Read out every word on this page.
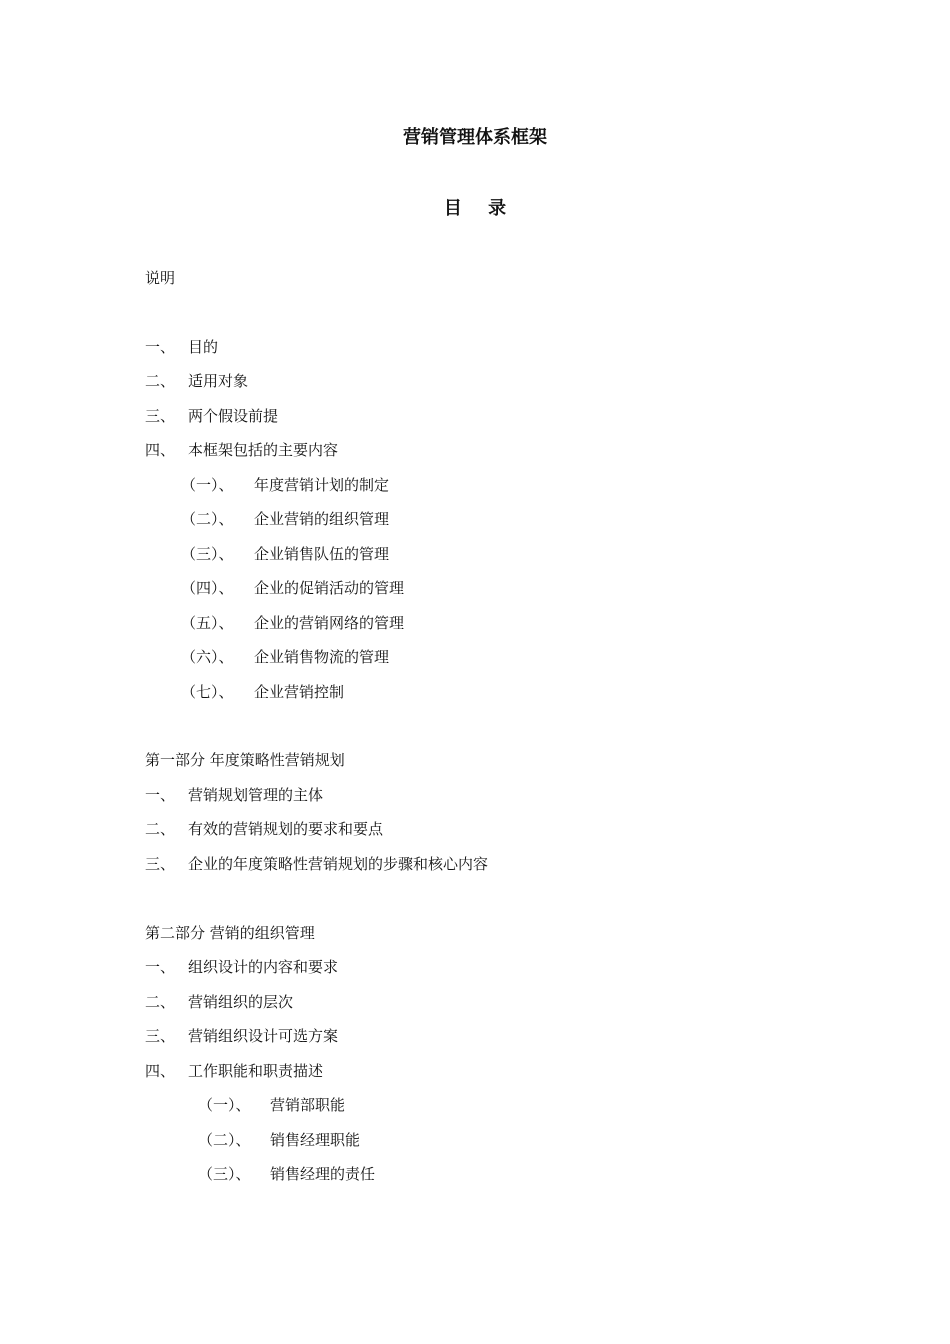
营销管理体系框架
目 录
说明
一、 目的
二、 适用对象
三、 两个假设前提
四、 本框架包括的主要内容
（一）、 年度营销计划的制定
（二）、 企业营销的组织管理
（三）、 企业销售队伍的管理
（四）、 企业的促销活动的管理
（五）、 企业的营销网络的管理
（六）、 企业销售物流的管理
（七）、 企业营销控制
第一部分 年度策略性营销规划
一、 营销规划管理的主体
二、 有效的营销规划的要求和要点
三、 企业的年度策略性营销规划的步骤和核心内容
第二部分 营销的组织管理
一、 组织设计的内容和要求
二、 营销组织的层次
三、 营销组织设计可选方案
四、 工作职能和职责描述
（一）、 营销部职能
（二）、 销售经理职能
（三）、 销售经理的责任
